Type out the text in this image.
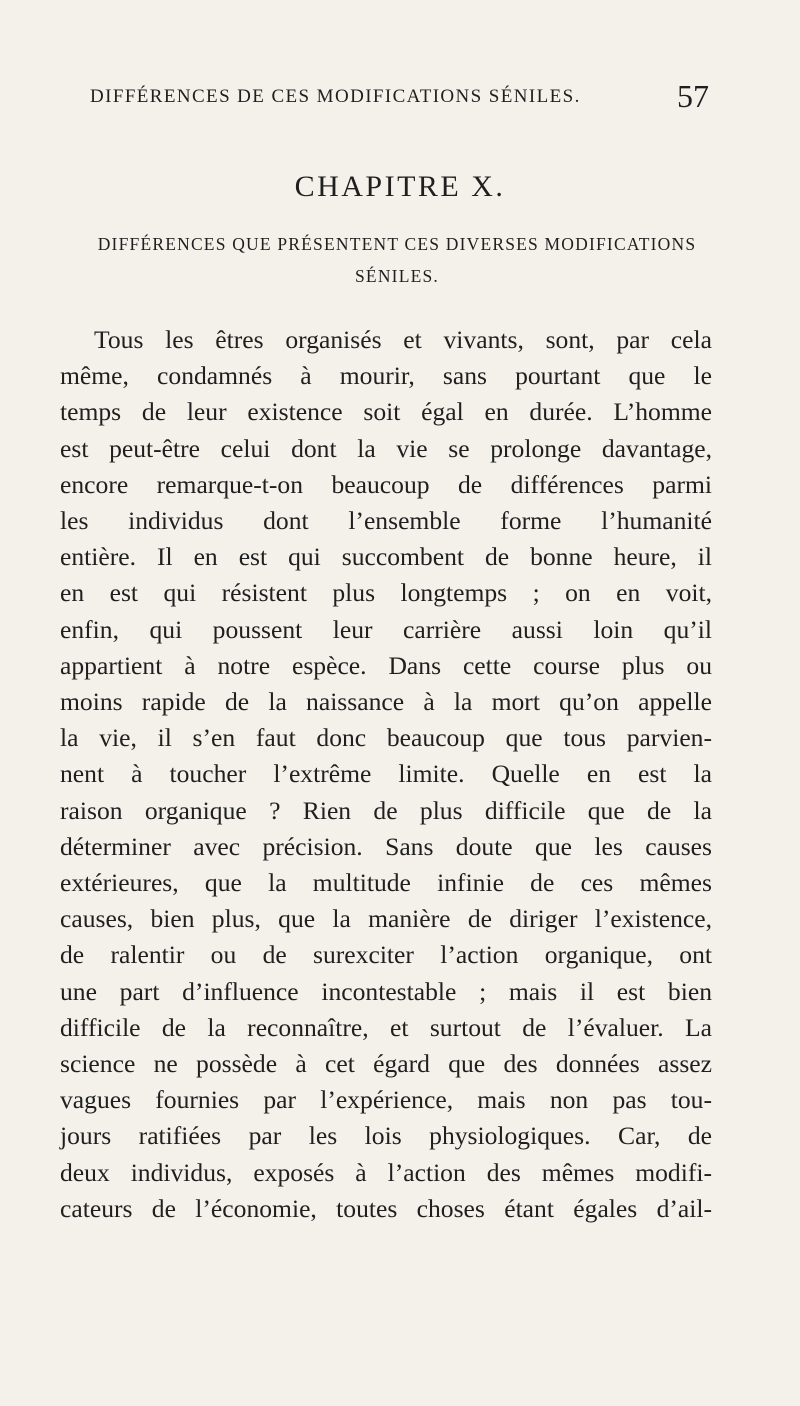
DIFFÉRENCES DE CES MODIFICATIONS SÉNILES.	57
CHAPITRE X.
DIFFÉRENCES QUE PRÉSENTENT CES DIVERSES MODIFICATIONS
SÉNILES.
Tous les êtres organisés et vivants, sont, par cela
même, condamnés à mourir, sans pourtant que le
temps de leur existence soit égal en durée. L’homme
est peut-être celui dont la vie se prolonge davantage,
encore remarque-t-on beaucoup de différences parmi
les individus dont l’ensemble forme l’humanité
entière. Il en est qui succombent de bonne heure, il
en est qui résistent plus longtemps ; on en voit,
enfin, qui poussent leur carrière aussi loin qu’il
appartient à notre espèce. Dans cette course plus ou
moins rapide de la naissance à la mort qu’on appelle
la vie, il s’en faut donc beaucoup que tous parvien-
nent à toucher l’extrême limite. Quelle en est la
raison organique ? Rien de plus difficile que de la
déterminer avec précision. Sans doute que les causes
extérieures, que la multitude infinie de ces mêmes
causes, bien plus, que la manière de diriger l’existence,
de ralentir ou de surexciter l’action organique, ont
une part d’influence incontestable ; mais il est bien
difficile de la reconnaître, et surtout de l’évaluer. La
science ne possède à cet égard que des données assez
vagues fournies par l’expérience, mais non pas tou-
jours ratifiées par les lois physiologiques. Car, de
deux individus, exposés à l’action des mêmes modifi-
cateurs de l’économie, toutes choses étant égales d’ail-
